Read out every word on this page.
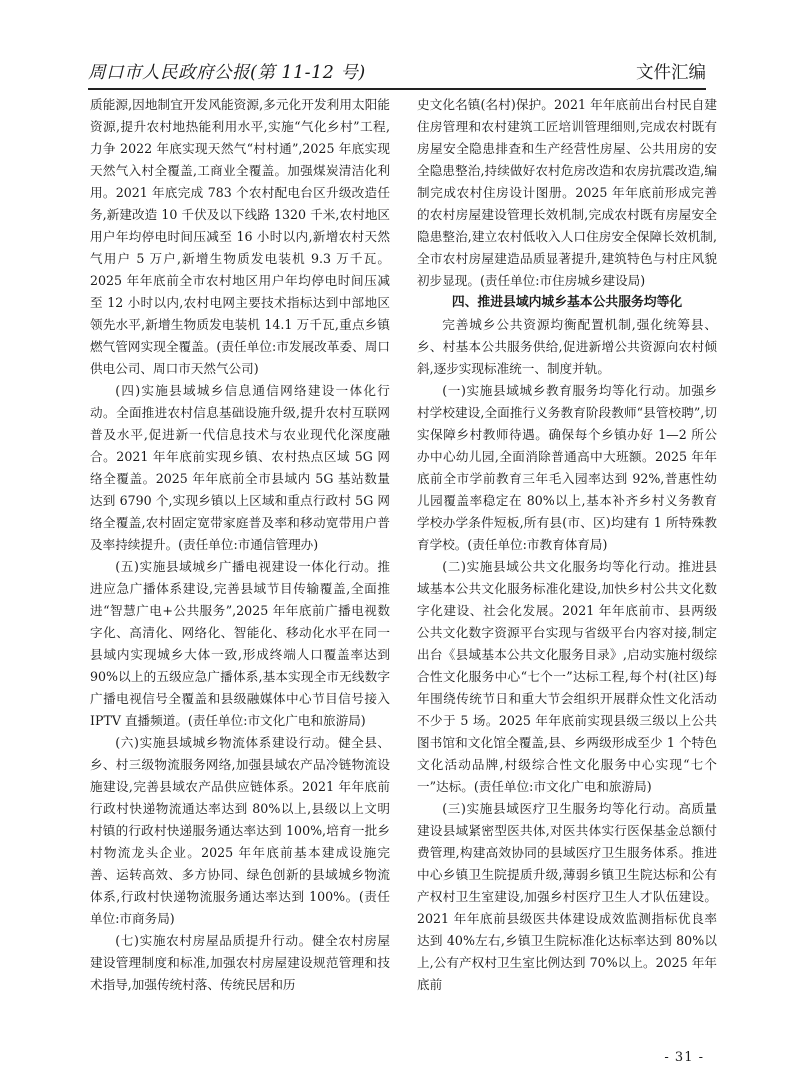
周口市人民政府公报(第 11-12 号)	文件汇编

质能源,因地制宜开发风能资源,多元化开发利用太阳能资源,提升农村地热能利用水平,实施“气化乡村”工程,力争 2022 年底实现天然气“村村通”,2025 年底实现天然气入村全覆盖,工商业全覆盖。加强煤炭清洁化利用。2021 年底完成 783 个农村配电台区升级改造任务,新建改造 10 千伏及以下线路 1320 千米,农村地区用户年均停电时间压减至 16 小时以内,新增农村天然气用户 5 万户,新增生物质发电装机 9.3 万千瓦。2025 年年底前全市农村地区用户年均停电时间压减至 12 小时以内,农村电网主要技术指标达到中部地区领先水平,新增生物质发电装机 14.1 万千瓦,重点乡镇燃气管网实现全覆盖。(责任单位:市发展改革委、周口供电公司、周口市天然气公司)

(四)实施县域城乡信息通信网络建设一体化行动。全面推进农村信息基础设施升级,提升农村互联网普及水平,促进新一代信息技术与农业现代化深度融合。2021 年年底前实现乡镇、农村热点区域 5G 网络全覆盖。2025 年年底前全市县域内 5G 基站数量达到 6790 个,实现乡镇以上区域和重点行政村 5G 网络全覆盖,农村固定宽带家庭普及率和移动宽带用户普及率持续提升。(责任单位:市通信管理办)

(五)实施县域城乡广播电视建设一体化行动。推进应急广播体系建设,完善县域节目传输覆盖,全面推进“智慧广电+公共服务”,2025 年年底前广播电视数字化、高清化、网络化、智能化、移动化水平在同一县域内实现城乡大体一致,形成终端人口覆盖率达到 90%以上的五级应急广播体系,基本实现全市无线数字广播电视信号全覆盖和县级融媒体中心节目信号接入 IPTV 直播频道。(责任单位:市文化广电和旅游局)

(六)实施县域城乡物流体系建设行动。健全县、乡、村三级物流服务网络,加强县域农产品冷链物流设施建设,完善县域农产品供应链体系。2021 年年底前行政村快递物流通达率达到 80%以上,县级以上文明村镇的行政村快递服务通达率达到 100%,培育一批乡村物流龙头企业。2025 年年底前基本建成设施完善、运转高效、多方协同、绿色创新的县域城乡物流体系,行政村快递物流服务通达率达到 100%。(责任单位:市商务局)

(七)实施农村房屋品质提升行动。健全农村房屋建设管理制度和标准,加强农村房屋建设规范管理和技术指导,加强传统村落、传统民居和历

史文化名镇(名村)保护。2021 年年底前出台村民自建住房管理和农村建筑工匠培训管理细则,完成农村既有房屋安全隐患排查和生产经营性房屋、公共用房的安全隐患整治,持续做好农村危房改造和农房抗震改造,编制完成农村住房设计图册。2025 年年底前形成完善的农村房屋建设管理长效机制,完成农村既有房屋安全隐患整治,建立农村低收入人口住房安全保障长效机制,全市农村房屋建造品质显著提升,建筑特色与村庄风貌初步显现。(责任单位:市住房城乡建设局)

四、推进县域内城乡基本公共服务均等化

完善城乡公共资源均衡配置机制,强化统筹县、乡、村基本公共服务供给,促进新增公共资源向农村倾斜,逐步实现标准统一、制度并轨。

(一)实施县域城乡教育服务均等化行动。加强乡村学校建设,全面推行义务教育阶段教师“县管校聘”,切实保障乡村教师待遇。确保每个乡镇办好 1—2 所公办中心幼儿园,全面消除普通高中大班额。2025 年年底前全市学前教育三年毛入园率达到 92%,普惠性幼儿园覆盖率稳定在 80%以上,基本补齐乡村义务教育学校办学条件短板,所有县(市、区)均建有 1 所特殊教育学校。(责任单位:市教育体育局)

(二)实施县域公共文化服务均等化行动。推进县域基本公共文化服务标准化建设,加快乡村公共文化数字化建设、社会化发展。2021 年年底前市、县两级公共文化数字资源平台实现与省级平台内容对接,制定出台《县域基本公共文化服务目录》,启动实施村级综合性文化服务中心“七个一”达标工程,每个村(社区)每年围绕传统节日和重大节会组织开展群众性文化活动不少于 5 场。2025 年年底前实现县级三级以上公共图书馆和文化馆全覆盖,县、乡两级形成至少 1 个特色文化活动品牌,村级综合性文化服务中心实现“七个一”达标。(责任单位:市文化广电和旅游局)

(三)实施县域医疗卫生服务均等化行动。高质量建设县域紧密型医共体,对医共体实行医保基金总额付费管理,构建高效协同的县域医疗卫生服务体系。推进中心乡镇卫生院提质升级,薄弱乡镇卫生院达标和公有产权村卫生室建设,加强乡村医疗卫生人才队伍建设。2021 年年底前县级医共体建设成效监测指标优良率达到 40%左右,乡镇卫生院标准化达标率达到 80%以上,公有产权村卫生室比例达到 70%以上。2025 年年底前

- 31 -
